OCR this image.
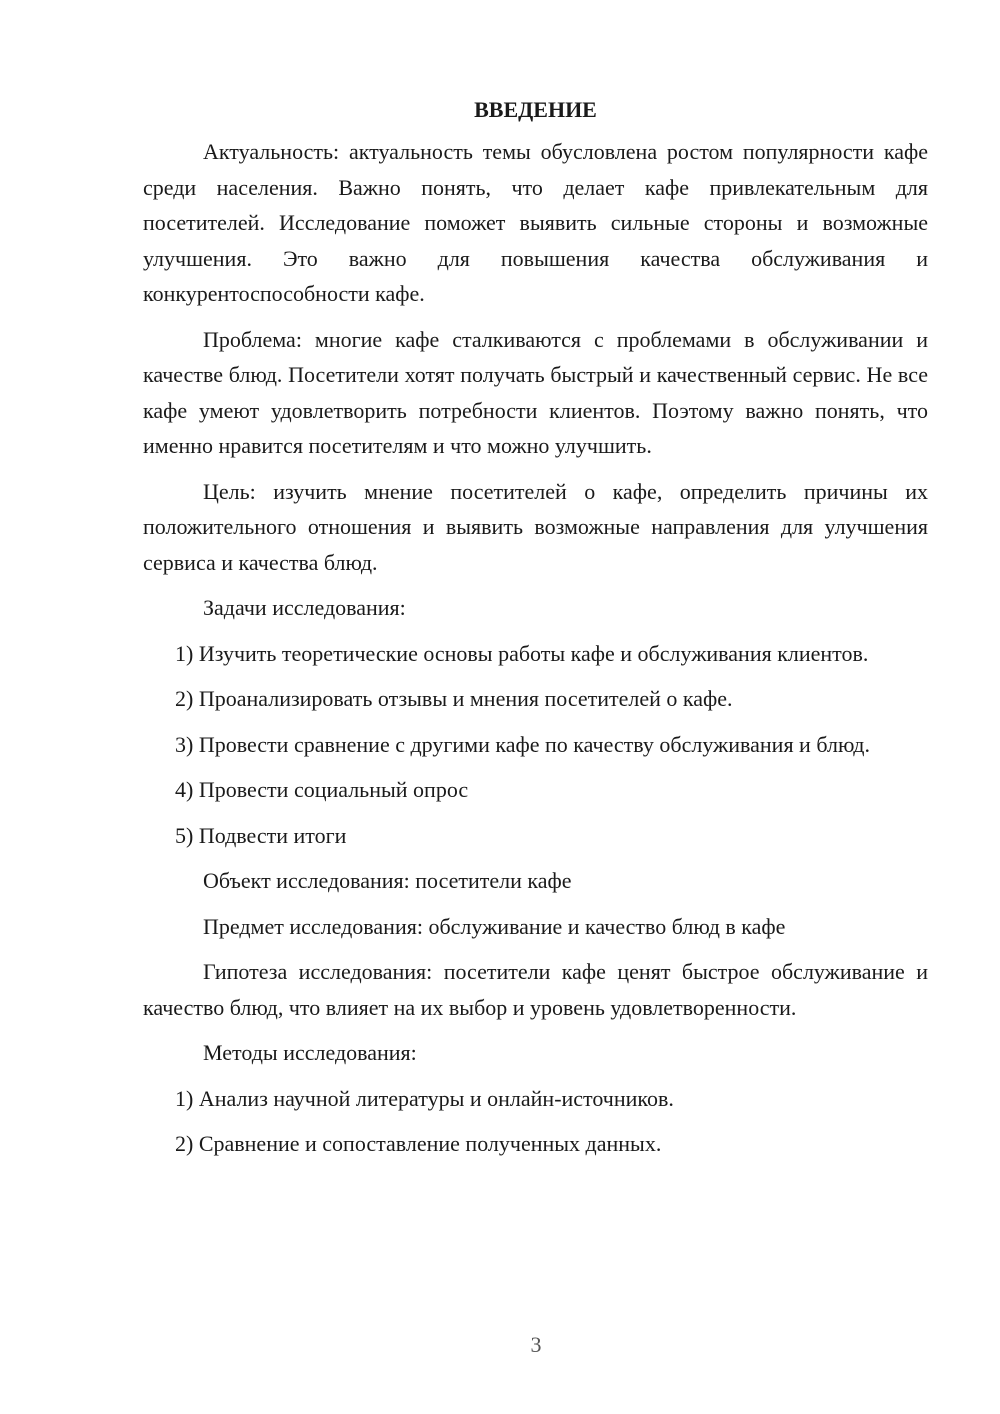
ВВЕДЕНИЕ

Актуальность: актуальность темы обусловлена ростом популярности кафе среди населения. Важно понять, что делает кафе привлекательным для посетителей. Исследование поможет выявить сильные стороны и возможные улучшения. Это важно для повышения качества обслуживания и конкурентоспособности кафе.

Проблема: многие кафе сталкиваются с проблемами в обслуживании и качестве блюд. Посетители хотят получать быстрый и качественный сервис. Не все кафе умеют удовлетворить потребности клиентов. Поэтому важно понять, что именно нравится посетителям и что можно улучшить.

Цель: изучить мнение посетителей о кафе, определить причины их положительного отношения и выявить возможные направления для улучшения сервиса и качества блюд.

Задачи исследования:

1) Изучить теоретические основы работы кафе и обслуживания клиентов.

2) Проанализировать отзывы и мнения посетителей о кафе.

3) Провести сравнение с другими кафе по качеству обслуживания и блюд.

4) Провести социальный опрос

5) Подвести итоги

Объект исследования: посетители кафе

Предмет исследования: обслуживание и качество блюд в кафе

Гипотеза исследования: посетители кафе ценят быстрое обслуживание и качество блюд, что влияет на их выбор и уровень удовлетворенности.

Методы исследования:

1) Анализ научной литературы и онлайн-источников.

2) Сравнение и сопоставление полученных данных.

3
